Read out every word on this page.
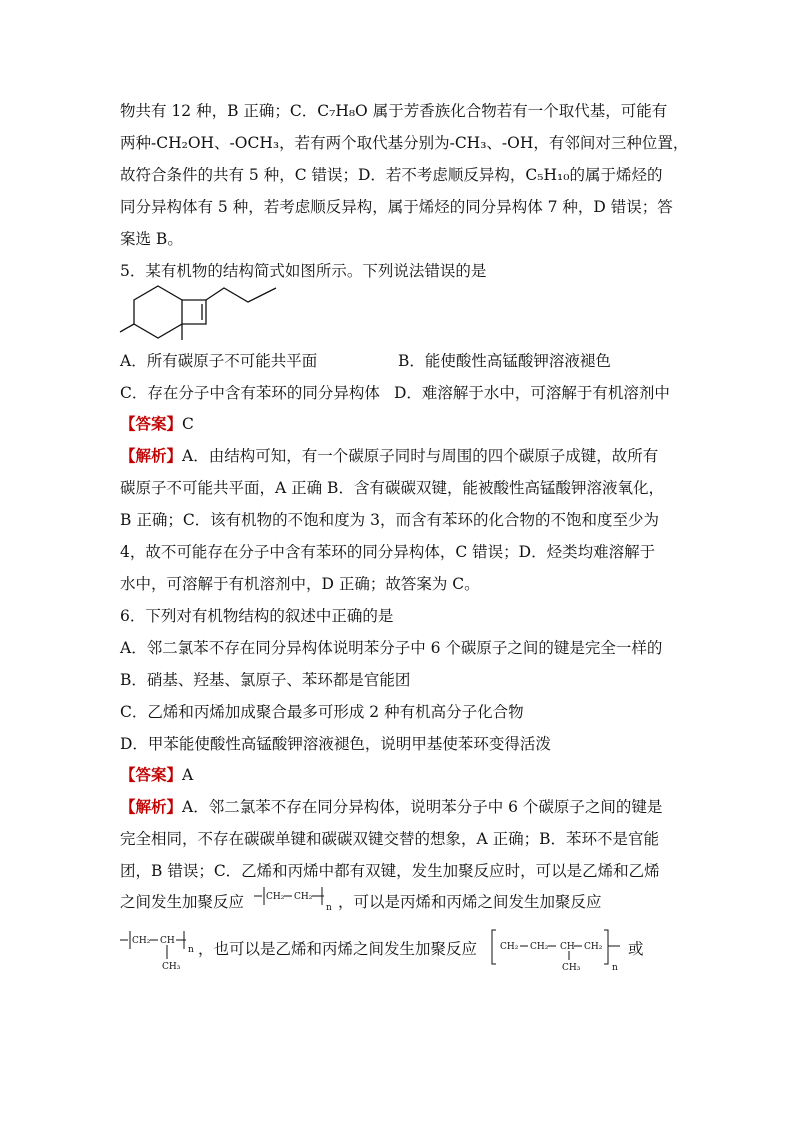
物共有 12 种，B 正确；C．C₇H₈O 属于芳香族化合物若有一个取代基，可能有
两种-CH₂OH、-OCH₃，若有两个取代基分别为-CH₃、-OH，有邻间对三种位置，
故符合条件的共有 5 种，C 错误；D．若不考虑顺反异构，C₅H₁₀的属于烯烃的
同分异构体有 5 种，若考虑顺反异构，属于烯烃的同分异构体 7 种，D 错误；答
案选 B。
5．某有机物的结构简式如图所示。下列说法错误的是
A．所有碳原子不可能共平面	B．能使酸性高锰酸钾溶液褪色
C．存在分子中含有苯环的同分异构体 D．难溶解于水中，可溶解于有机溶剂中
【答案】C
【解析】A．由结构可知，有一个碳原子同时与周围的四个碳原子成键，故所有
碳原子不可能共平面，A 正确 B．含有碳碳双键，能被酸性高锰酸钾溶液氧化，
B 正确；C．该有机物的不饱和度为 3，而含有苯环的化合物的不饱和度至少为
4，故不可能存在分子中含有苯环的同分异构体，C 错误；D．烃类均难溶解于
水中，可溶解于有机溶剂中，D 正确；故答案为 C。
6．下列对有机物结构的叙述中正确的是
A．邻二氯苯不存在同分异构体说明苯分子中 6 个碳原子之间的键是完全一样的
B．硝基、羟基、氯原子、苯环都是官能团
C．乙烯和丙烯加成聚合最多可形成 2 种有机高分子化合物
D．甲苯能使酸性高锰酸钾溶液褪色，说明甲基使苯环变得活泼
【答案】A
【解析】A．邻二氯苯不存在同分异构体，说明苯分子中 6 个碳原子之间的键是
完全相同，不存在碳碳单键和碳碳双键交替的想象，A 正确；B．苯环不是官能
团，B 错误；C．乙烯和丙烯中都有双键，发生加聚反应时，可以是乙烯和乙烯
之间发生加聚反应 CH₂ CH₂
n ，可以是丙烯和丙烯之间发生加聚反应
CH₂ CH
CH₃
n ，也可以是乙烯和丙烯之间发生加聚反应	CH₂ CH₂ CH CH₂
CH₃	n
或
